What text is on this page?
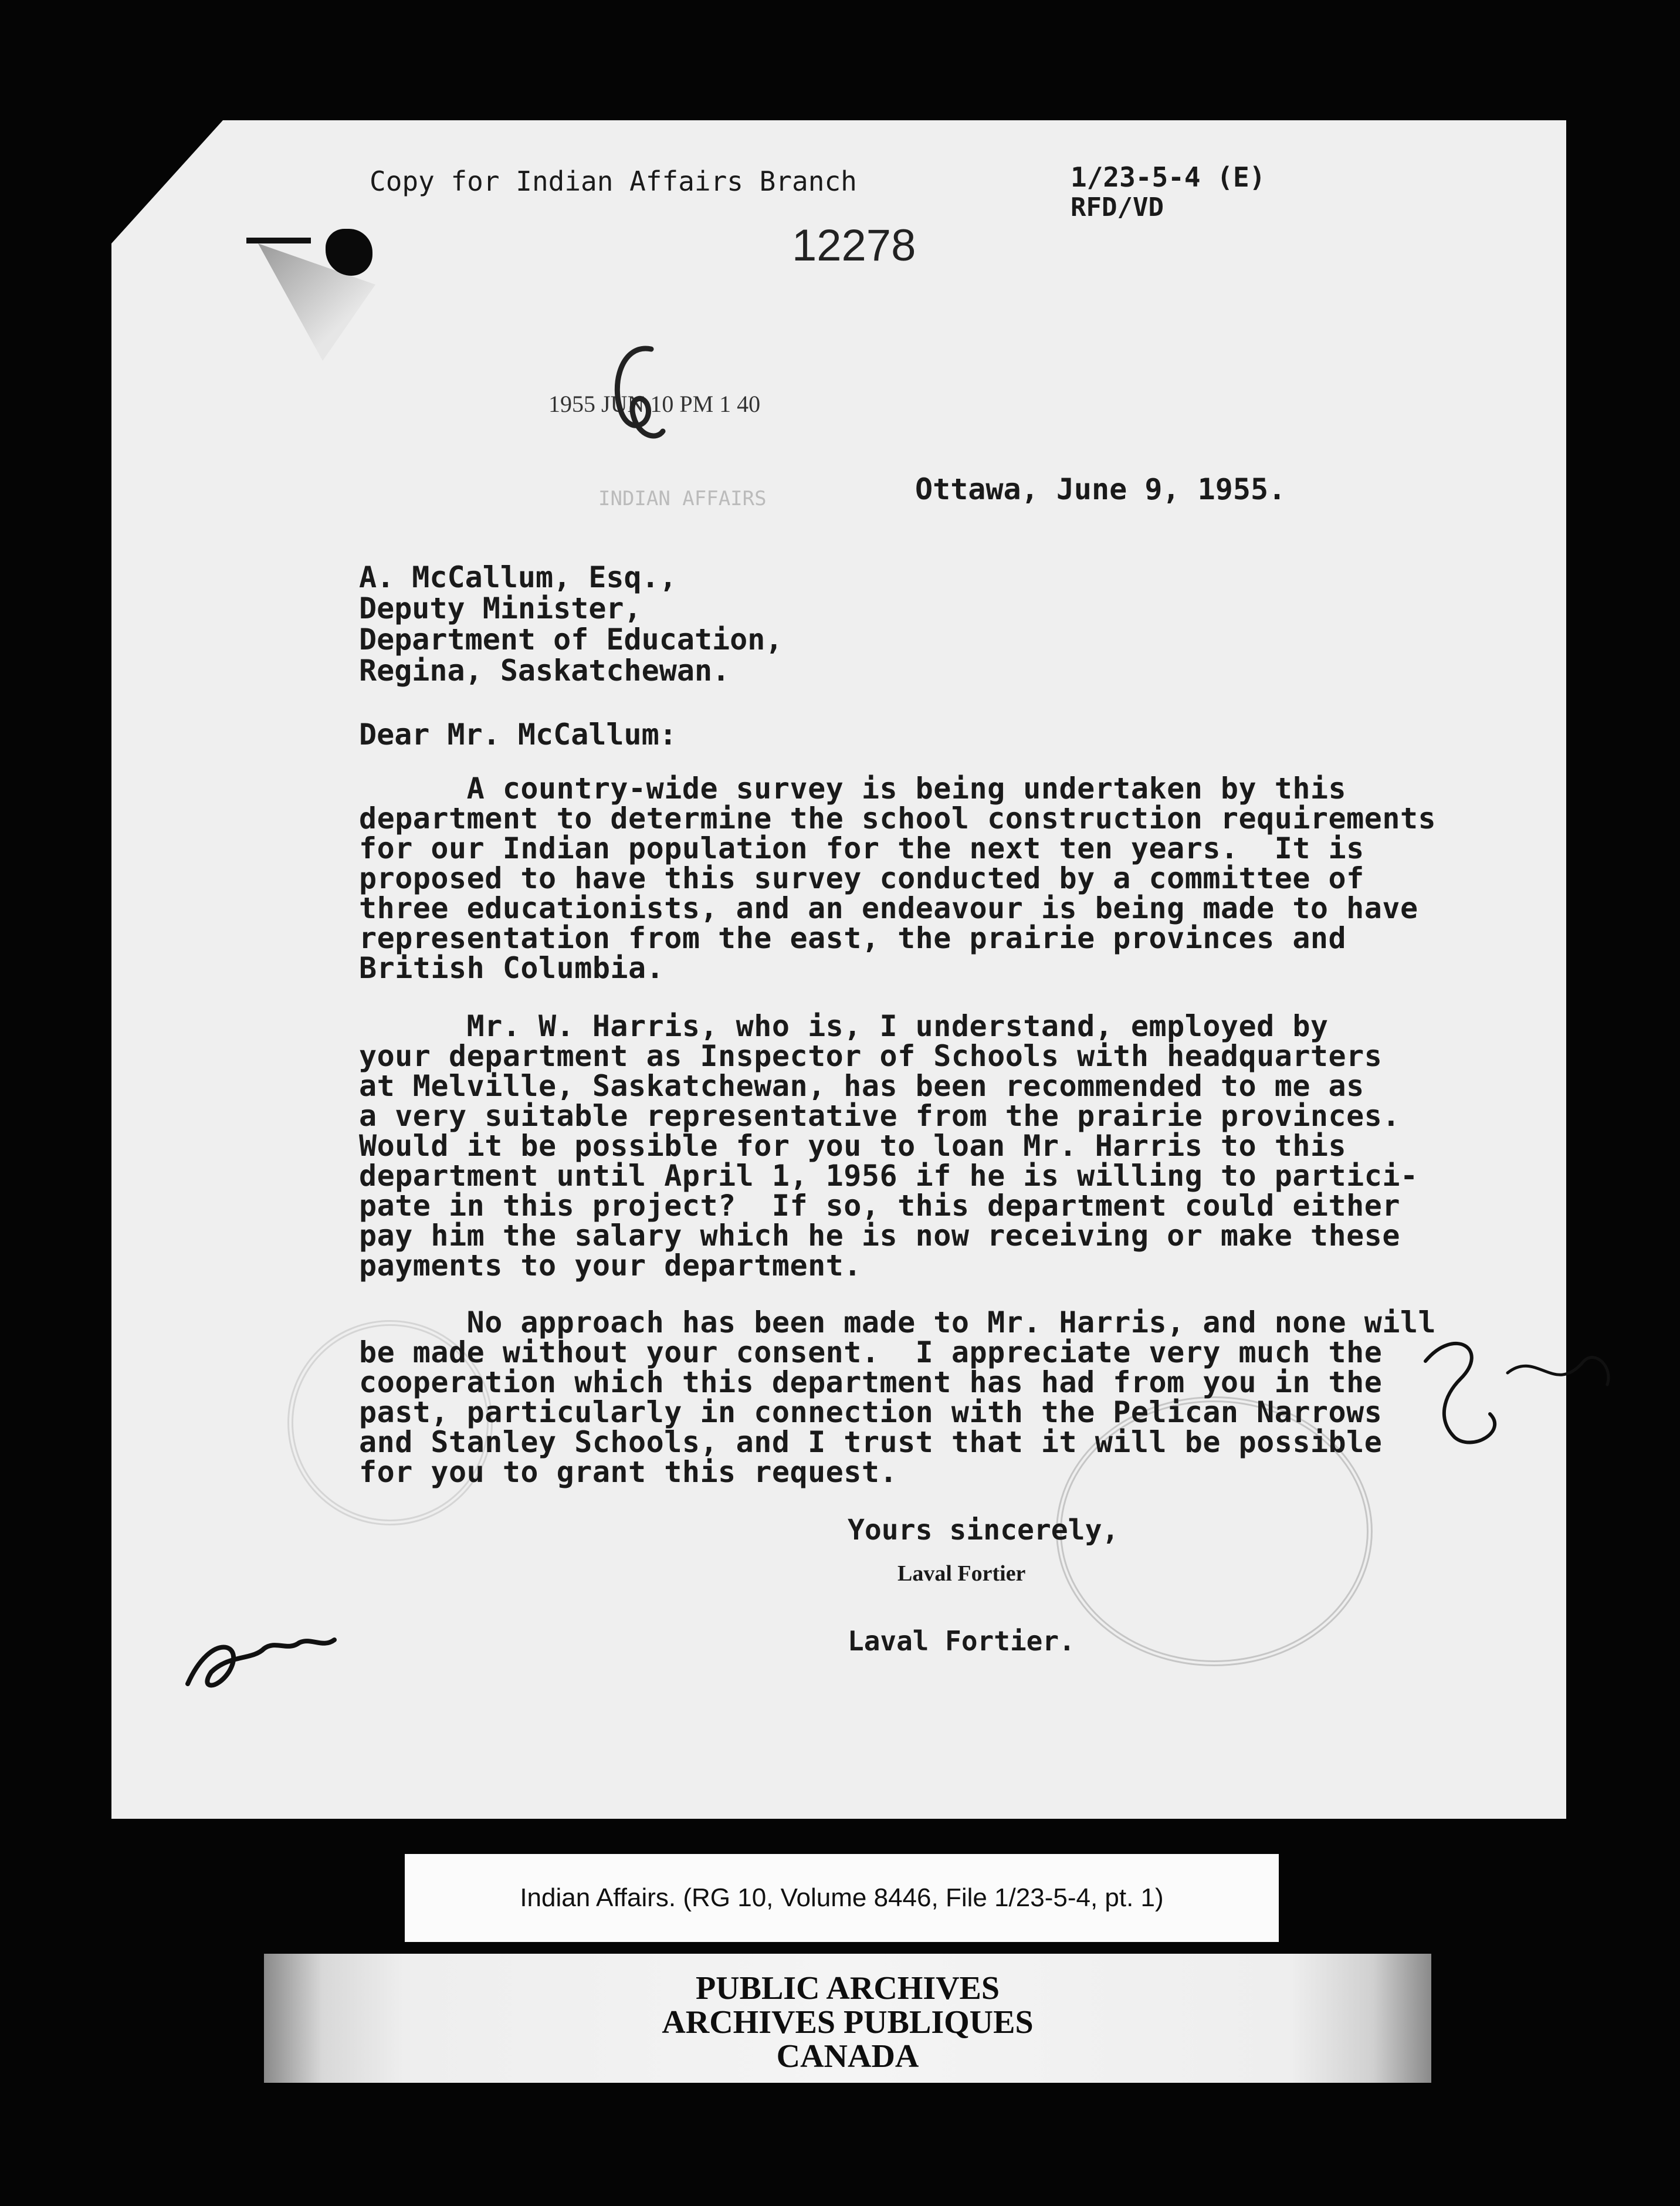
Copy for Indian Affairs Branch	1/23-5-4 (E)
RFD/VD
12278
1955 JUN 10 PM 1 40
INDIAN AFFAIRS	Ottawa, June 9, 1955.
A. McCallum, Esq.,
Deputy Minister,
Department of Education,
Regina, Saskatchewan.
Dear Mr. McCallum:
A country-wide survey is being undertaken by this
department to determine the school construction requirements
for our Indian population for the next ten years.  It is
proposed to have this survey conducted by a committee of
three educationists, and an endeavour is being made to have
representation from the east, the prairie provinces and
British Columbia.
Mr. W. Harris, who is, I understand, employed by
your department as Inspector of Schools with headquarters
at Melville, Saskatchewan, has been recommended to me as
a very suitable representative from the prairie provinces.
Would it be possible for you to loan Mr. Harris to this
department until April 1, 1956 if he is willing to partici-
pate in this project?  If so, this department could either
pay him the salary which he is now receiving or make these
payments to your department.
No approach has been made to Mr. Harris, and none will
be made without your consent.  I appreciate very much the
cooperation which this department has had from you in the
past, particularly in connection with the Pelican Narrows
and Stanley Schools, and I trust that it will be possible
for you to grant this request.
Yours sincerely,
Laval Fortier
Laval Fortier.
Indian Affairs. (RG 10, Volume 8446, File 1/23-5-4, pt. 1)
PUBLIC ARCHIVES
ARCHIVES PUBLIQUES
CANADA
